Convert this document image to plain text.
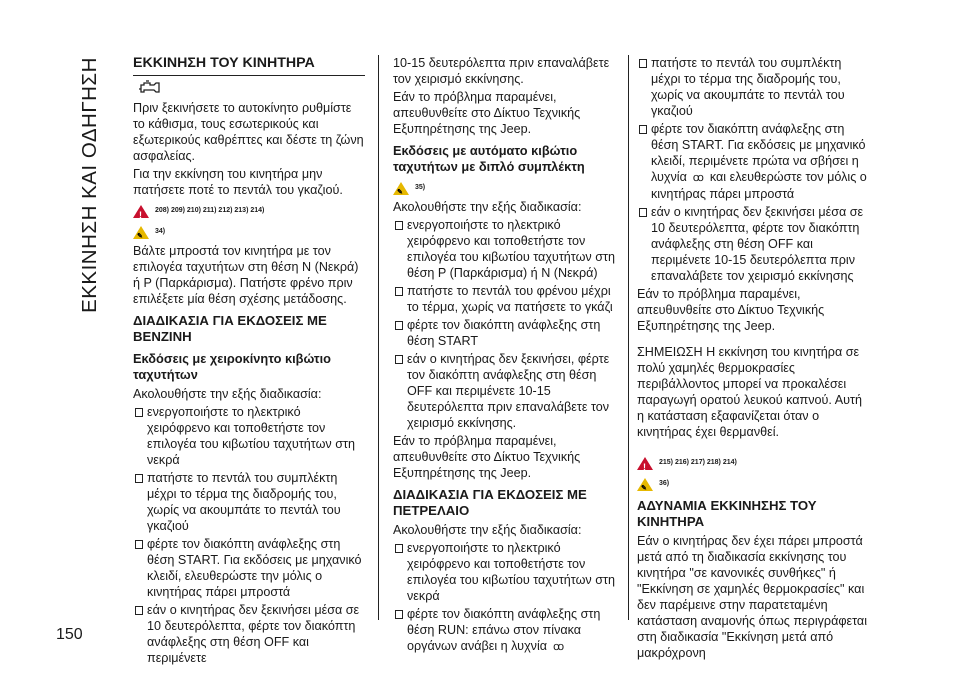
ΕΚΚΙΝΗΣΗ ΚΑΙ ΟΔΗΓΗΣΗ ΕΚΚΙΝΗΣΗ ΤΟΥ ΚΙΝΗΤΗΡΑ

Πριν ξεκινήσετε το αυτοκίνητο ρυθμίστε το κάθισμα, τους εσωτερικούς και εξωτερικούς καθρέπτες και δέστε τη ζώνη ασφαλείας.

Για την εκκίνηση του κινητήρα μην πατήσετε ποτέ το πεντάλ του γκαζιού.

!
208) 209) 210) 211) 212) 213) 214)
✎
34)

Βάλτε μπροστά τον κινητήρα με τον επιλογέα ταχυτήτων στη θέση N (Νεκρά) ή P (Παρκάρισμα). Πατήστε φρένο πριν επιλέξετε μία θέση σχέσης μετάδοσης.

ΔΙΑΔΙΚΑΣΙΑ ΓΙΑ ΕΚΔΟΣΕΙΣ ΜΕ ΒΕΝΖΙΝΗ
Εκδόσεις με χειροκίνητο κιβώτιο ταχυτήτων

Ακολουθήστε την εξής διαδικασία:

ενεργοποιήστε το ηλεκτρικό χειρόφρενο και τοποθετήστε τον επιλογέα του κιβωτίου ταχυτήτων στη νεκρά

πατήστε το πεντάλ του συμπλέκτη μέχρι το τέρμα της διαδρομής του, χωρίς να ακουμπάτε το πεντάλ του γκαζιού

φέρτε τον διακόπτη ανάφλεξης στη θέση START. Για εκδόσεις με μηχανικό κλειδί, ελευθερώστε την μόλις ο κινητήρας πάρει μπροστά

εάν ο κινητήρας δεν ξεκινήσει μέσα σε 10 δευτερόλεπτα, φέρτε τον διακόπτη ανάφλεξης στη θέση OFF και περιμένετε

10-15 δευτερόλεπτα πριν επαναλάβετε τον χειρισμό εκκίνησης.

Εάν το πρόβλημα παραμένει, απευθυνθείτε στο Δίκτυο Τεχνικής Εξυπηρέτησης της Jeep.

Εκδόσεις με αυτόματο κιβώτιο ταχυτήτων με διπλό συμπλέκτη
✎
35)

Ακολουθήστε την εξής διαδικασία:

ενεργοποιήστε το ηλεκτρικό χειρόφρενο και τοποθετήστε τον επιλογέα του κιβωτίου ταχυτήτων στη θέση P (Παρκάρισμα) ή N (Νεκρά)

πατήστε το πεντάλ του φρένου μέχρι το τέρμα, χωρίς να πατήσετε το γκάζι

φέρτε τον διακόπτη ανάφλεξης στη θέση START

εάν ο κινητήρας δεν ξεκινήσει, φέρτε τον διακόπτη ανάφλεξης στη θέση OFF και περιμένετε 10-15 δευτερόλεπτα πριν επαναλάβετε τον χειρισμό εκκίνησης.

Εάν το πρόβλημα παραμένει, απευθυνθείτε στο Δίκτυο Τεχνικής Εξυπηρέτησης της Jeep.

ΔΙΑΔΙΚΑΣΙΑ ΓΙΑ ΕΚΔΟΣΕΙΣ ΜΕ ΠΕΤΡΕΛΑΙΟ

Ακολουθήστε την εξής διαδικασία:

ενεργοποιήστε το ηλεκτρικό χειρόφρενο και τοποθετήστε τον επιλογέα του κιβωτίου ταχυτήτων στη νεκρά

φέρτε τον διακόπτη ανάφλεξης στη θέση RUN: επάνω στον πίνακα οργάνων ανάβει η λυχνία ꝏ

πατήστε το πεντάλ του συμπλέκτη μέχρι το τέρμα της διαδρομής του, χωρίς να ακουμπάτε το πεντάλ του γκαζιού

φέρτε τον διακόπτη ανάφλεξης στη θέση START. Για εκδόσεις με μηχανικό κλειδί, περιμένετε πρώτα να σβήσει η λυχνία ꝏ και ελευθερώστε τον μόλις ο κινητήρας πάρει μπροστά

εάν ο κινητήρας δεν ξεκινήσει μέσα σε 10 δευτερόλεπτα, φέρτε τον διακόπτη ανάφλεξης στη θέση OFF και περιμένετε 10-15 δευτερόλεπτα πριν επαναλάβετε τον χειρισμό εκκίνησης

Εάν το πρόβλημα παραμένει, απευθυνθείτε στο Δίκτυο Τεχνικής Εξυπηρέτησης της Jeep.

ΣΗΜΕΙΩΣΗ Η εκκίνηση του κινητήρα σε πολύ χαμηλές θερμοκρασίες περιβάλλοντος μπορεί να προκαλέσει παραγωγή ορατού λευκού καπνού. Αυτή η κατάσταση εξαφανίζεται όταν ο κινητήρας έχει θερμανθεί.

!
215) 216) 217) 218) 214)
✎
36)
ΑΔΥΝΑΜΙΑ ΕΚΚΙΝΗΣΗΣ ΤΟΥ ΚΙΝΗΤΗΡΑ

Εάν ο κινητήρας δεν έχει πάρει μπροστά μετά από τη διαδικασία εκκίνησης του κινητήρα "σε κανονικές συνθήκες" ή "Εκκίνηση σε χαμηλές θερμοκρασίες" και δεν παρέμεινε στην παρατεταμένη κατάσταση αναμονής όπως περιγράφεται στη διαδικασία "Εκκίνηση μετά από μακρόχρονη

150
